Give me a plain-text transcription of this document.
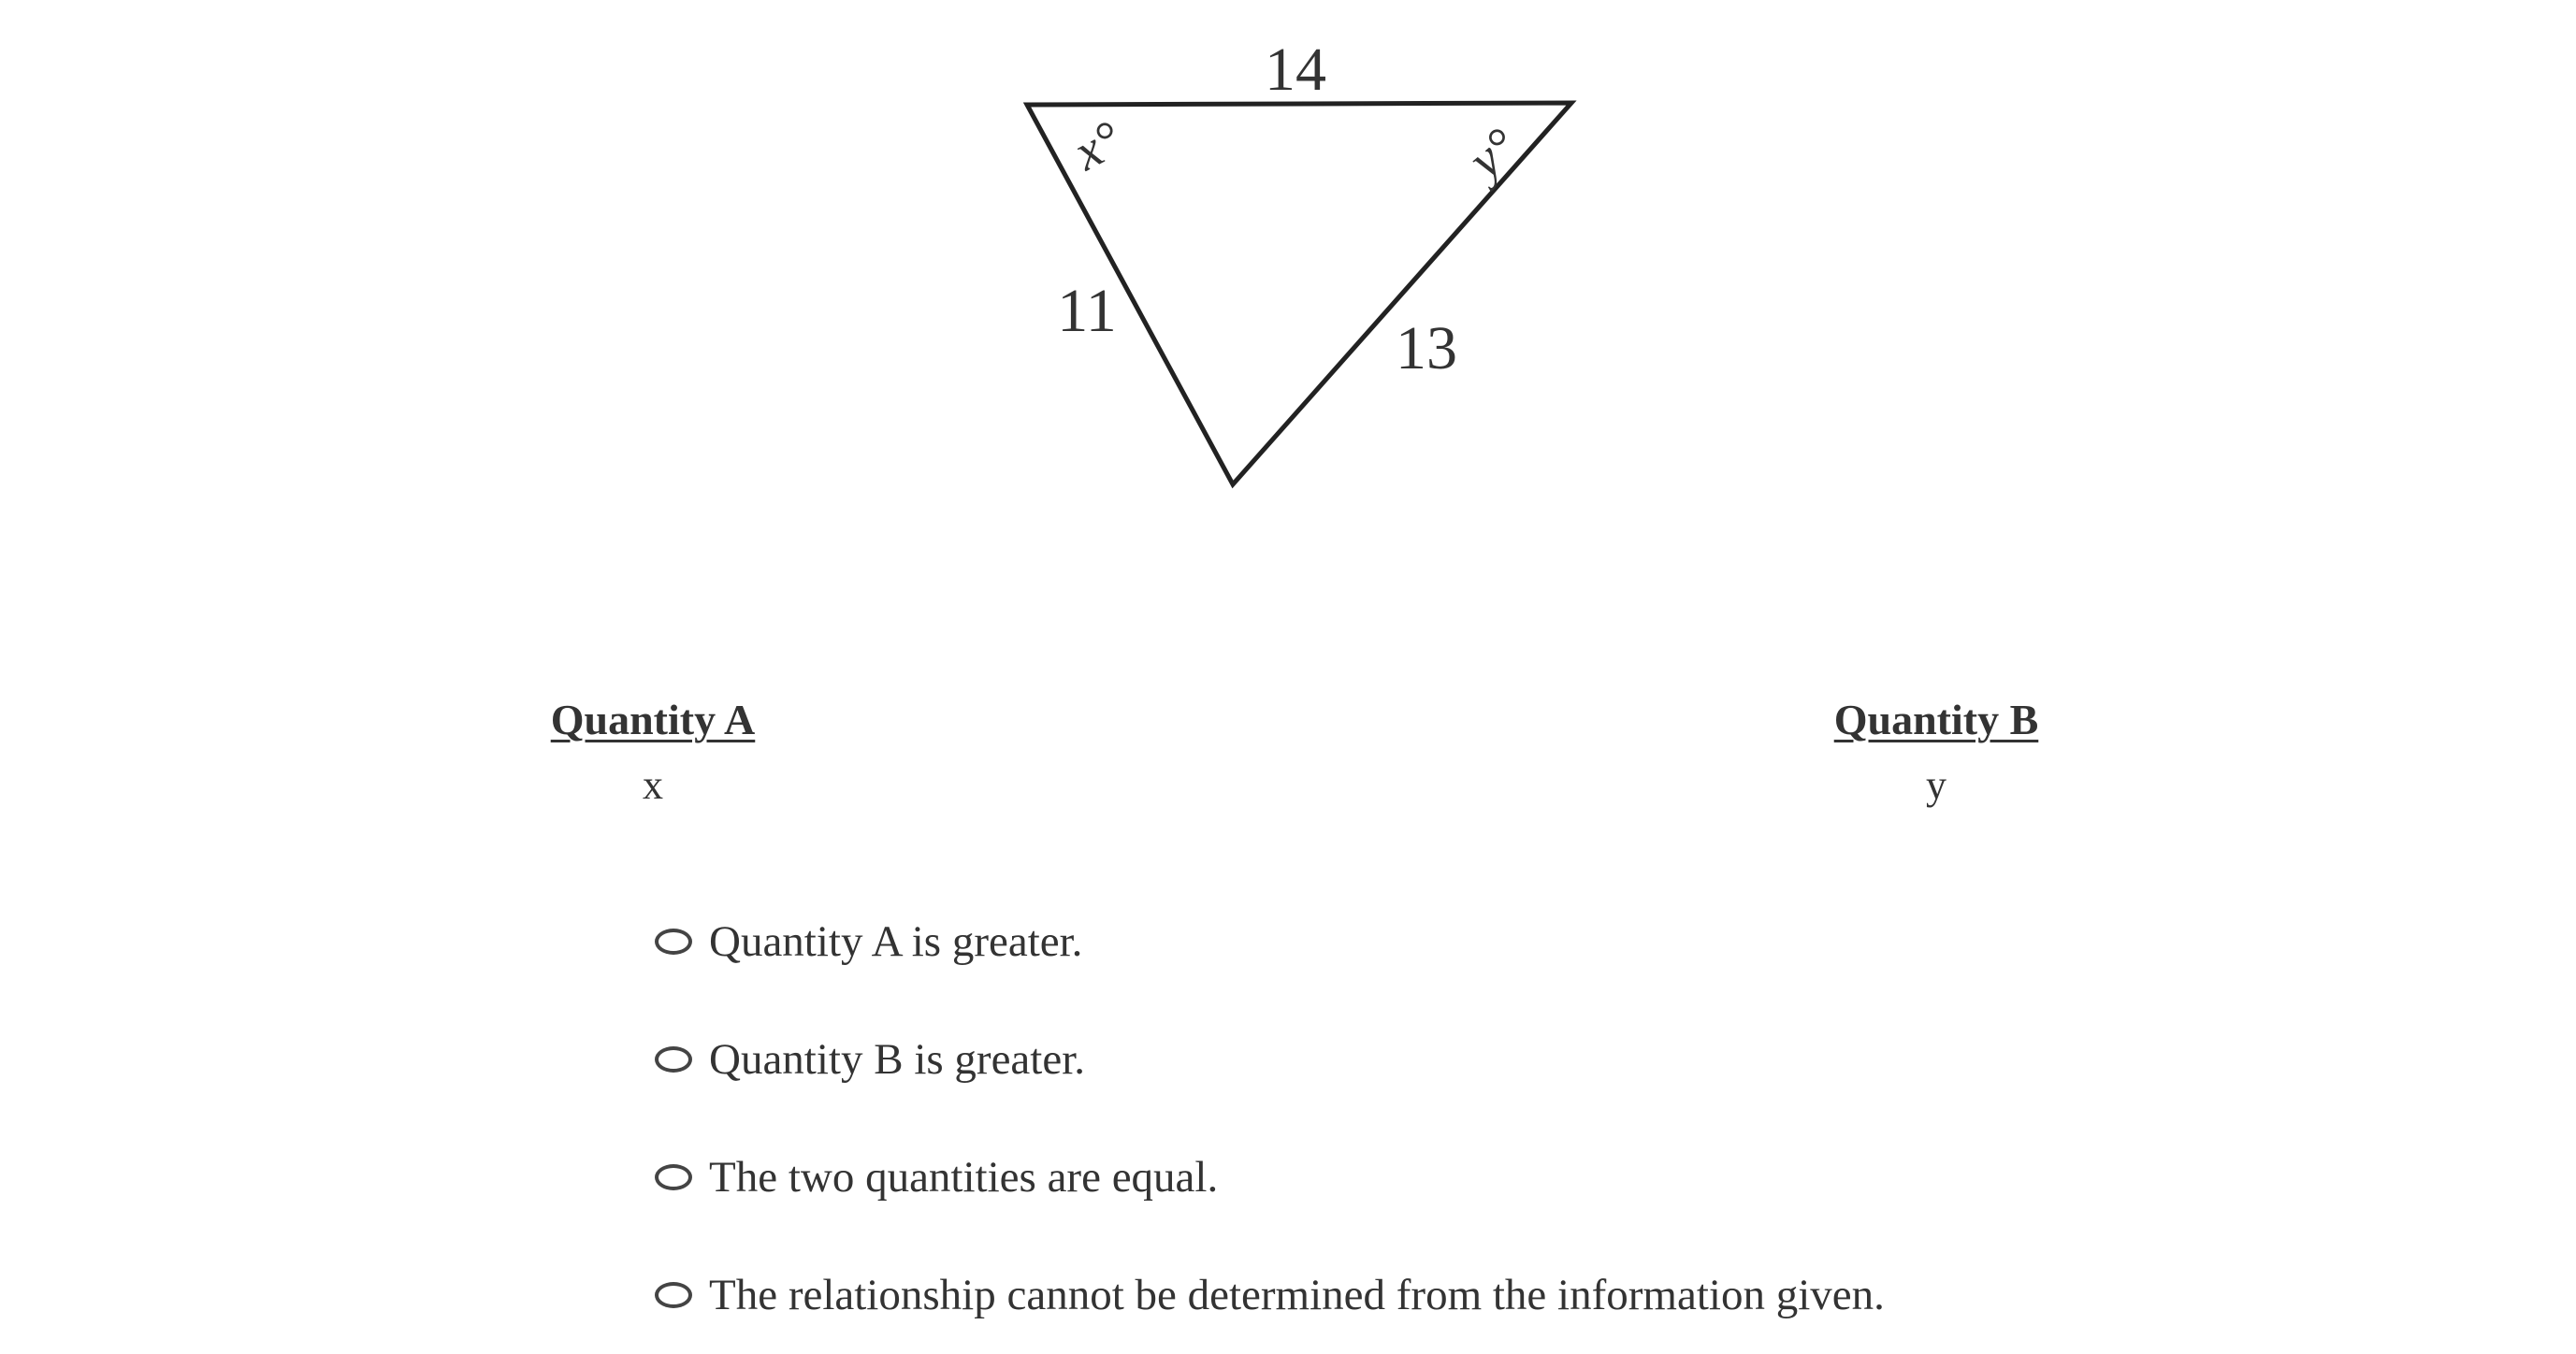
14
11
13
x°	y°
Quantity A
x
Quantity B
y
Quantity A is greater.
Quantity B is greater.
The two quantities are equal.
The relationship cannot be determined from the information given.
